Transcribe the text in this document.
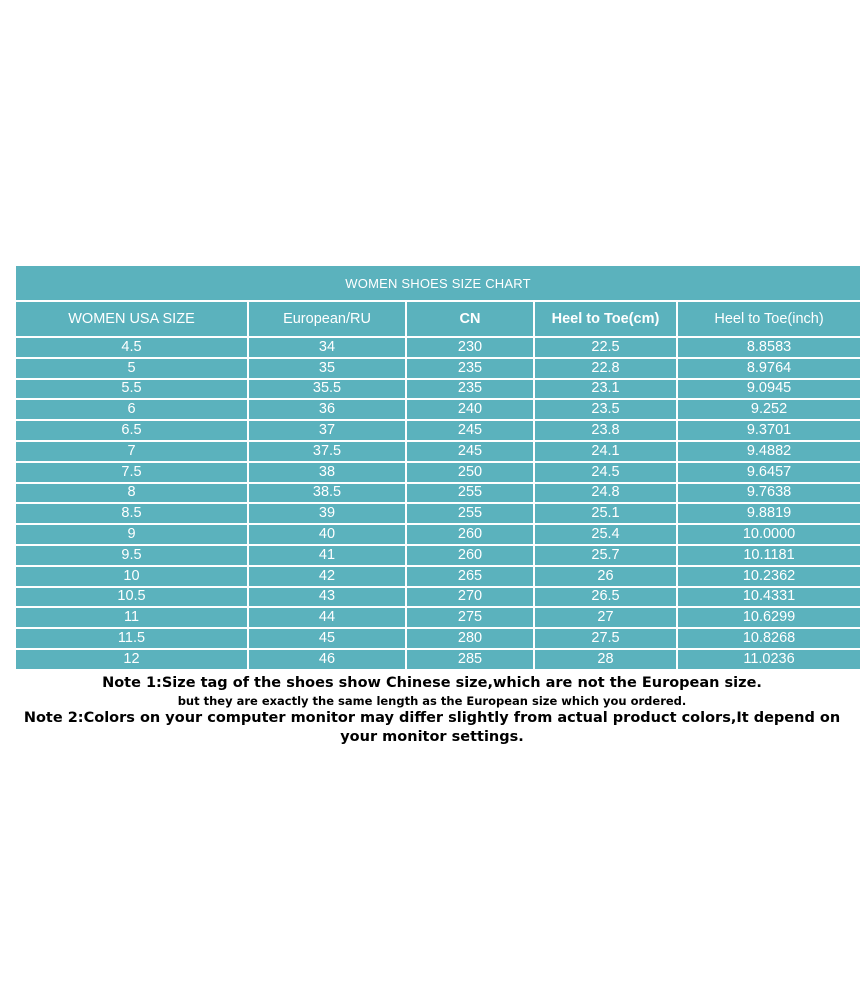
WOMEN SHOES SIZE CHART				
WOMEN USA SIZE	European/RU	CN	Heel to Toe(cm)	Heel to Toe(inch)
4.5	34	230	22.5	8.8583
5	35	235	22.8	8.9764
5.5	35.5	235	23.1	9.0945
6	36	240	23.5	9.252
6.5	37	245	23.8	9.3701
7	37.5	245	24.1	9.4882
7.5	38	250	24.5	9.6457
8	38.5	255	24.8	9.7638
8.5	39	255	25.1	9.8819
9	40	260	25.4	10.0000
9.5	41	260	25.7	10.1181
10	42	265	26	10.2362
10.5	43	270	26.5	10.4331
11	44	275	27	10.6299
11.5	45	280	27.5	10.8268
12	46	285	28	11.0236
Note 1:Size tag of the shoes show Chinese size,which are not the European size.
but they are exactly the same length as the European size which you ordered.
Note 2:Colors on your computer monitor may differ slightly from actual product colors,It depend on your monitor settings.
